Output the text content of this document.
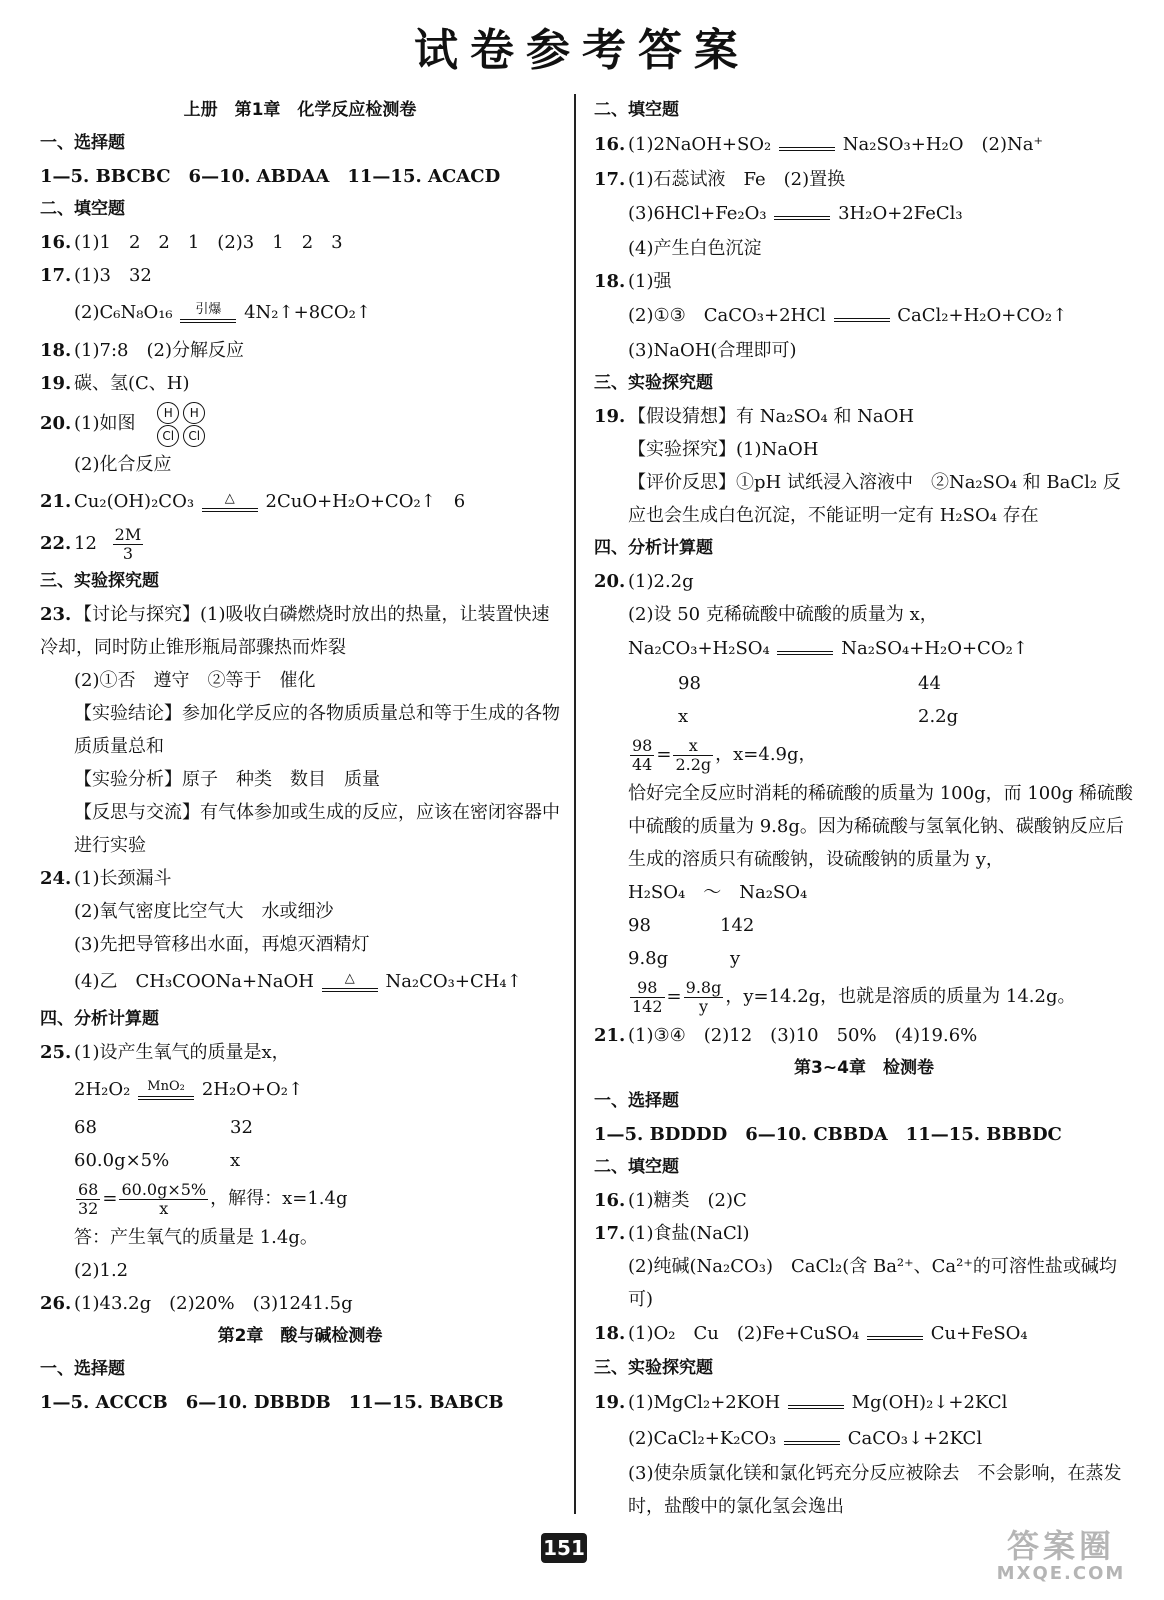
试卷参考答案
上册　第1章　化学反应检测卷
一、选择题
1—5. BBCBC　6—10. ABDAA　11—15. ACACD
二、填空题
16. (1)1　2　2　1　(2)3　1　2　3
17. (1)3　32
(2)C₆N₈O₁₆	引爆	4N₂↑+8CO₂↑
18. (1)7:8　(2)分解反应
19. 碳、氢(C、H)
20. (1)如图
H
Cl
H
Cl
(2)化合反应
21. Cu₂(OH)₂CO₃	△	2CuO+H₂O+CO₂↑　6
22. $12 \frac{2M}{3}$
三、实验探究题
23. 【讨论与探究】(1)吸收白磷燃烧时放出的热量，让装置快速冷却，同时防止锥形瓶局部骤热而炸裂
(2)①否　遵守　②等于　催化
【实验结论】参加化学反应的各物质质量总和等于生成的各物质质量总和
【实验分析】原子　种类　数目　质量
【反思与交流】有气体参加或生成的反应，应该在密闭容器中进行实验
24. (1)长颈漏斗
(2)氧气密度比空气大　水或细沙
(3)先把导管移出水面，再熄灭酒精灯
(4)乙　CH₃COONa+NaOH	△	Na₂CO₃+CH₄↑
四、分析计算题
25. (1)设产生氧气的质量是x，
2H₂O₂	MnO₂ 2H₂O+O₂↑
68	32
60.0g×5%	x
$\frac{68}{32} = \frac{60.0g\times 5\%}{x}$ ，解得：x=1.4g
答：产生氧气的质量是 1.4g。
(2)1.2
26. (1)43.2g　(2)20%　(3)1241.5g
第2章　酸与碱检测卷
一、选择题
1—5. ACCCB　6—10. DBBDB　11—15. BABCB
二、填空题
16. (1)2NaOH+SO₂	Na₂SO₃+H₂O　(2)Na⁺
17. (1)石蕊试液　Fe　(2)置换
(3)6HCl+Fe₂O₃	3H₂O+2FeCl₃
(4)产生白色沉淀
18. (1)强
(2)①③　CaCO₃+2HCl	CaCl₂+H₂O+CO₂↑
(3)NaOH(合理即可)
三、实验探究题
19. 【假设猜想】有 Na₂SO₄ 和 NaOH
【实验探究】(1)NaOH
【评价反思】①pH 试纸浸入溶液中　②Na₂SO₄ 和 BaCl₂ 反应也会生成白色沉淀，不能证明一定有 H₂SO₄ 存在
四、分析计算题
20. (1)2.2g
(2)设 50 克稀硫酸中硫酸的质量为 x，
Na₂CO₃+H₂SO₄	Na₂SO₄+H₂O+CO₂↑
98	44
x	2.2g
$\frac{98}{44} = \frac{x}{2.2g}$ ，x=4.9g，
恰好完全反应时消耗的稀硫酸的质量为 100g，而 100g 稀硫酸中硫酸的质量为 9.8g。因为稀硫酸与氢氧化钠、碳酸钠反应后生成的溶质只有硫酸钠，设硫酸钠的质量为 y，
H₂SO₄　～　Na₂SO₄
98	142
9.8g	y
$\frac{98}{142} = \frac{9.8g}{y}$ ，y=14.2g，也就是溶质的质量为 14.2g。
21. (1)③④　(2)12　(3)10　50%　(4)19.6%
第3~4章　检测卷
一、选择题
1—5. BDDDD　6—10. CBBDA　11—15. BBBDC
二、填空题
16. (1)糖类　(2)C
17. (1)食盐(NaCl)
(2)纯碱(Na₂CO₃)　CaCl₂(含 Ba²⁺、Ca²⁺的可溶性盐或碱均可)
18. (1)O₂　Cu　(2)Fe+CuSO₄	Cu+FeSO₄
三、实验探究题
19. (1)MgCl₂+2KOH	Mg(OH)₂↓+2KCl
(2)CaCl₂+K₂CO₃	CaCO₃↓+2KCl
(3)使杂质氯化镁和氯化钙充分反应被除去　不会影响，在蒸发时，盐酸中的氯化氢会逸出
151	答案圈
MXQE.COM
